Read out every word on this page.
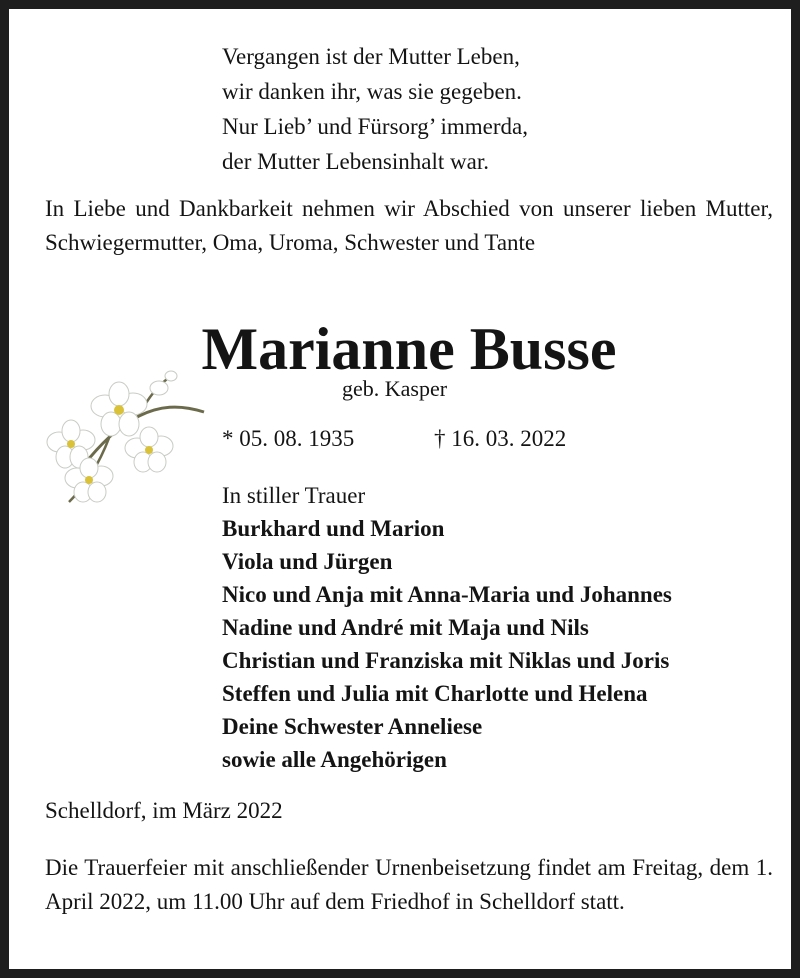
Vergangen ist der Mutter Leben,
wir danken ihr, was sie gegeben.
Nur Lieb’ und Fürsorg’ immerda,
der Mutter Lebensinhalt war.
In Liebe und Dankbarkeit nehmen wir Abschied von unserer lieben Mutter, Schwiegermutter, Oma, Uroma, Schwester und Tante
Marianne Busse
geb. Kasper
* 05. 08. 1935	† 16. 03. 2022
In stiller Trauer
Burkhard und Marion
Viola und Jürgen
Nico und Anja mit Anna-Maria und Johannes
Nadine und André mit Maja und Nils
Christian und Franziska mit Niklas und Joris
Steffen und Julia mit Charlotte und Helena
Deine Schwester Anneliese
sowie alle Angehörigen
Schelldorf, im März 2022
Die Trauerfeier mit anschließender Urnenbeisetzung findet am Freitag, dem 1. April 2022, um 11.00 Uhr auf dem Friedhof in Schelldorf statt.
